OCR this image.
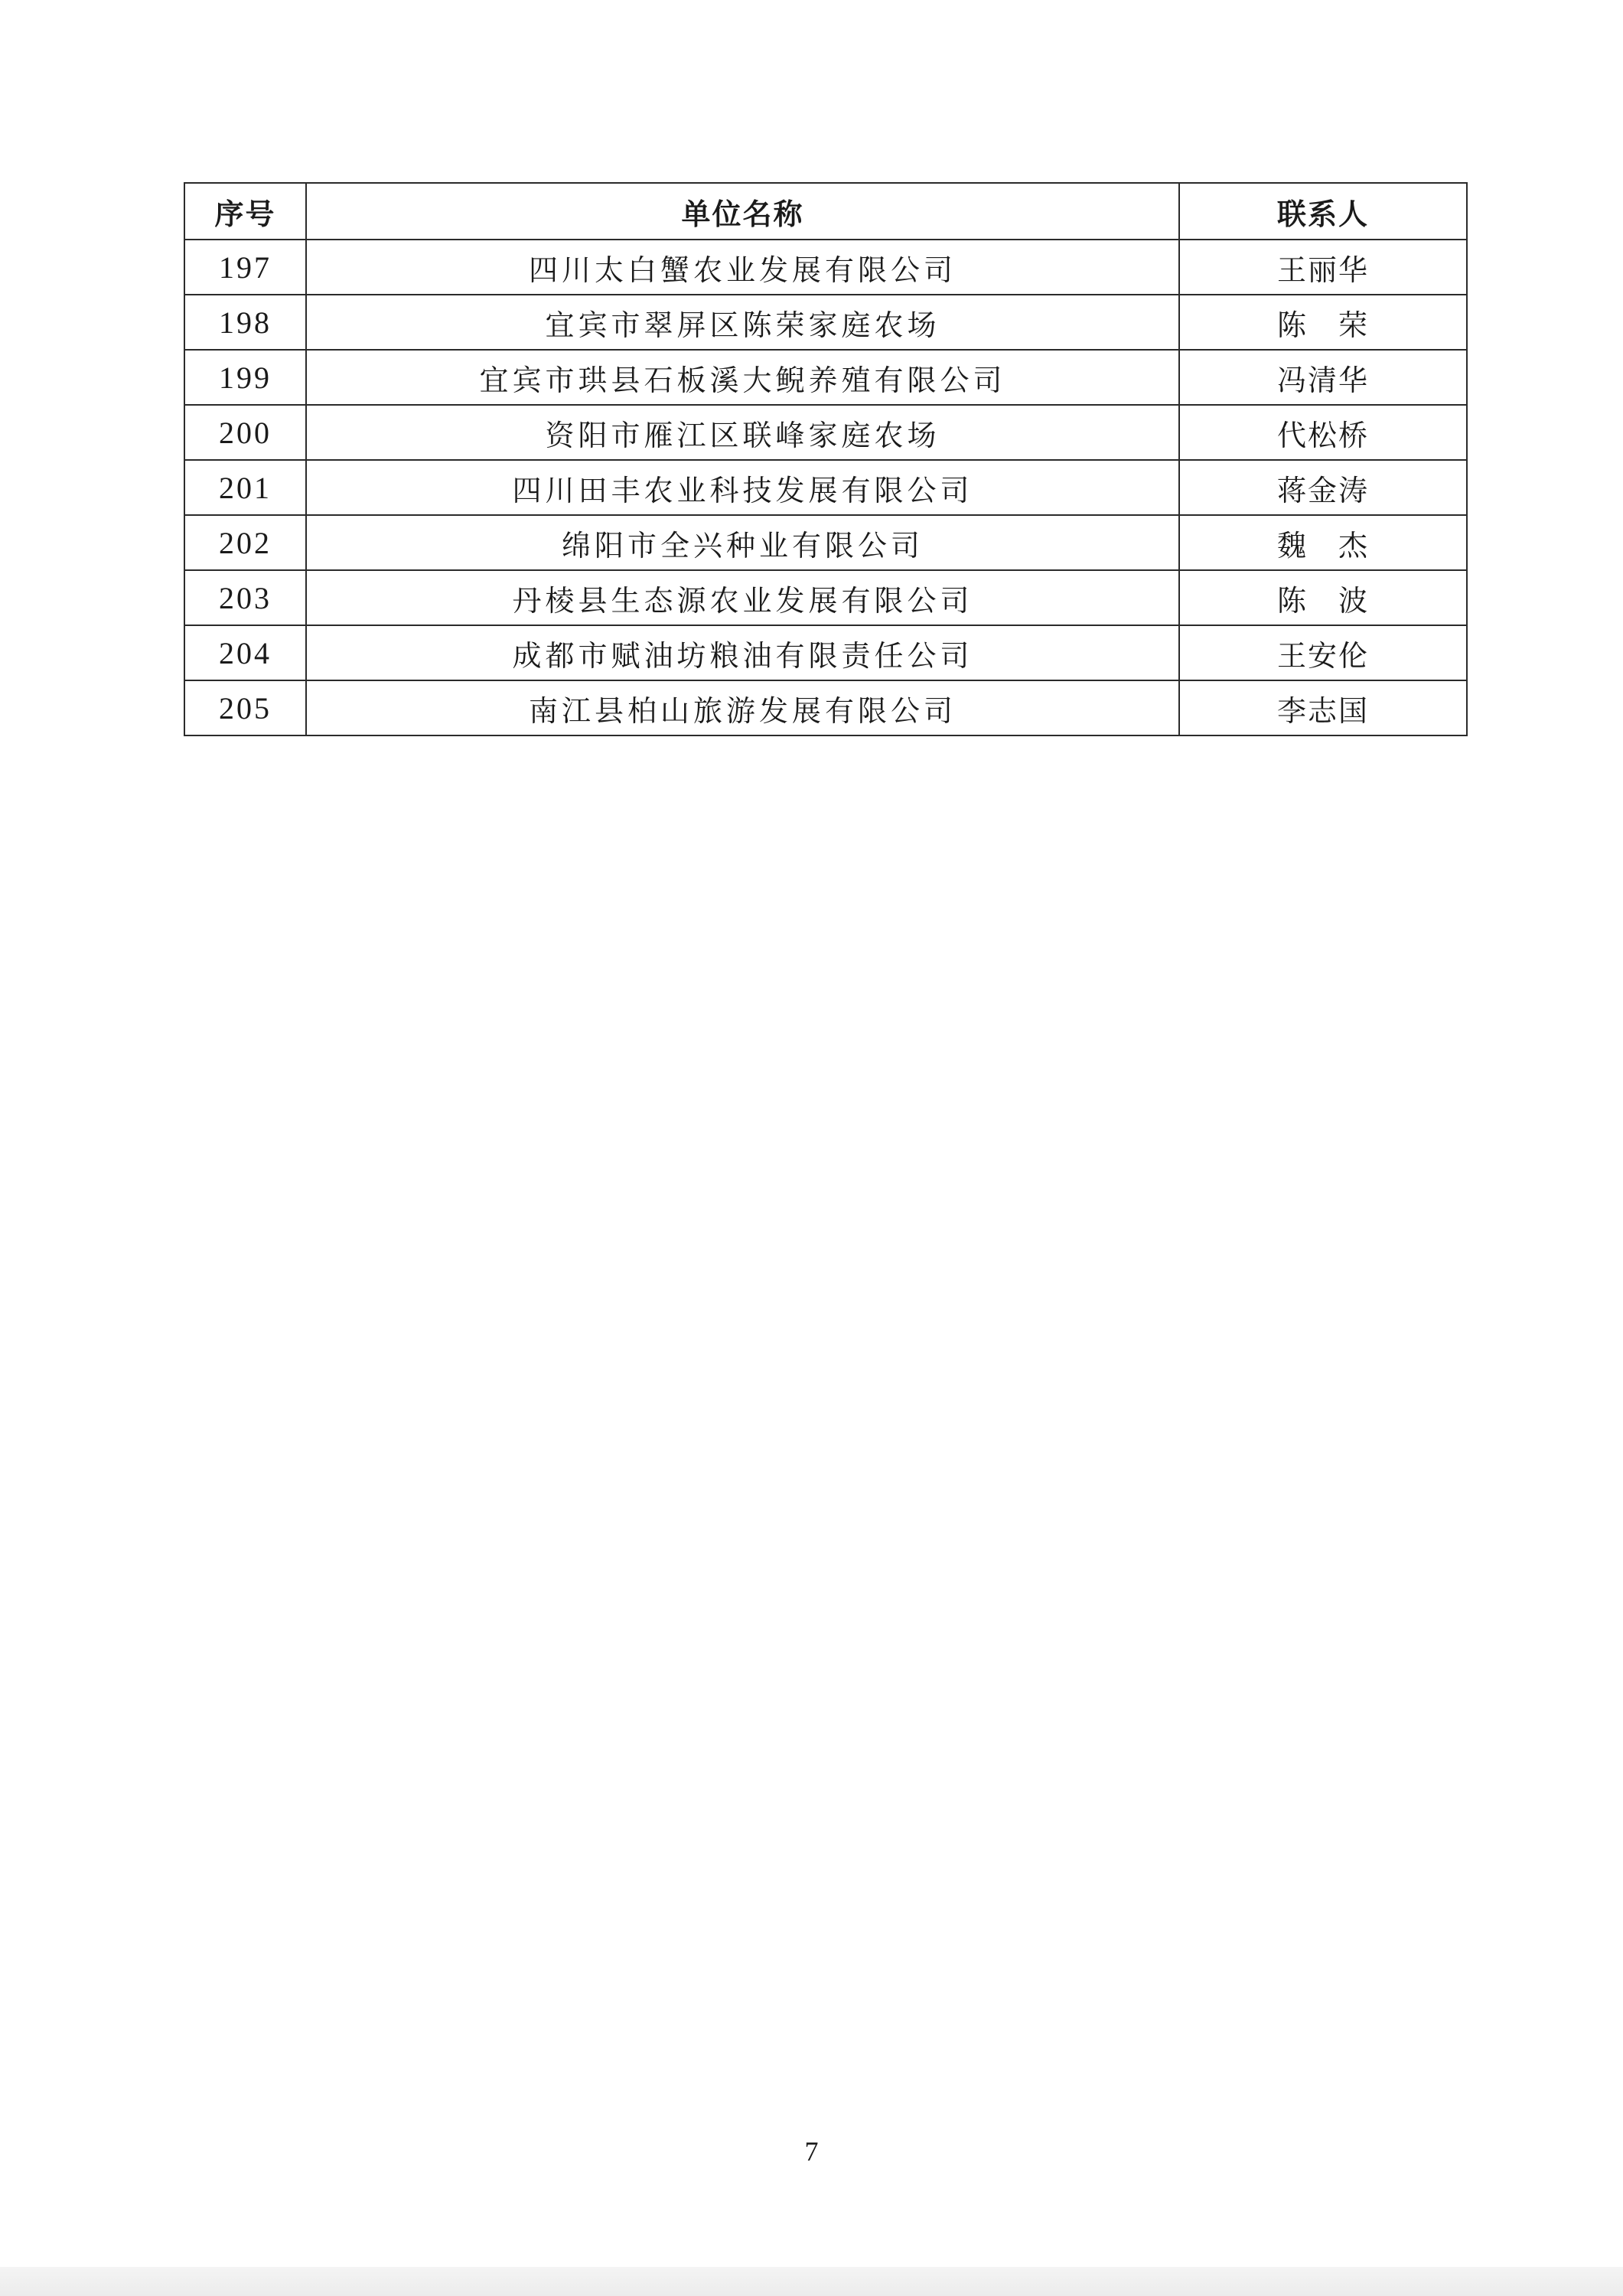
序号	单位名称	联系人
197	四川太白蟹农业发展有限公司	王丽华
198	宜宾市翠屏区陈荣家庭农场	陈　荣
199	宜宾市珙县石板溪大鲵养殖有限公司	冯清华
200	资阳市雁江区联峰家庭农场	代松桥
201	四川田丰农业科技发展有限公司	蒋金涛
202	绵阳市全兴种业有限公司	魏　杰
203	丹棱县生态源农业发展有限公司	陈　波
204	成都市赋油坊粮油有限责任公司	王安伦
205	南江县柏山旅游发展有限公司	李志国
7
